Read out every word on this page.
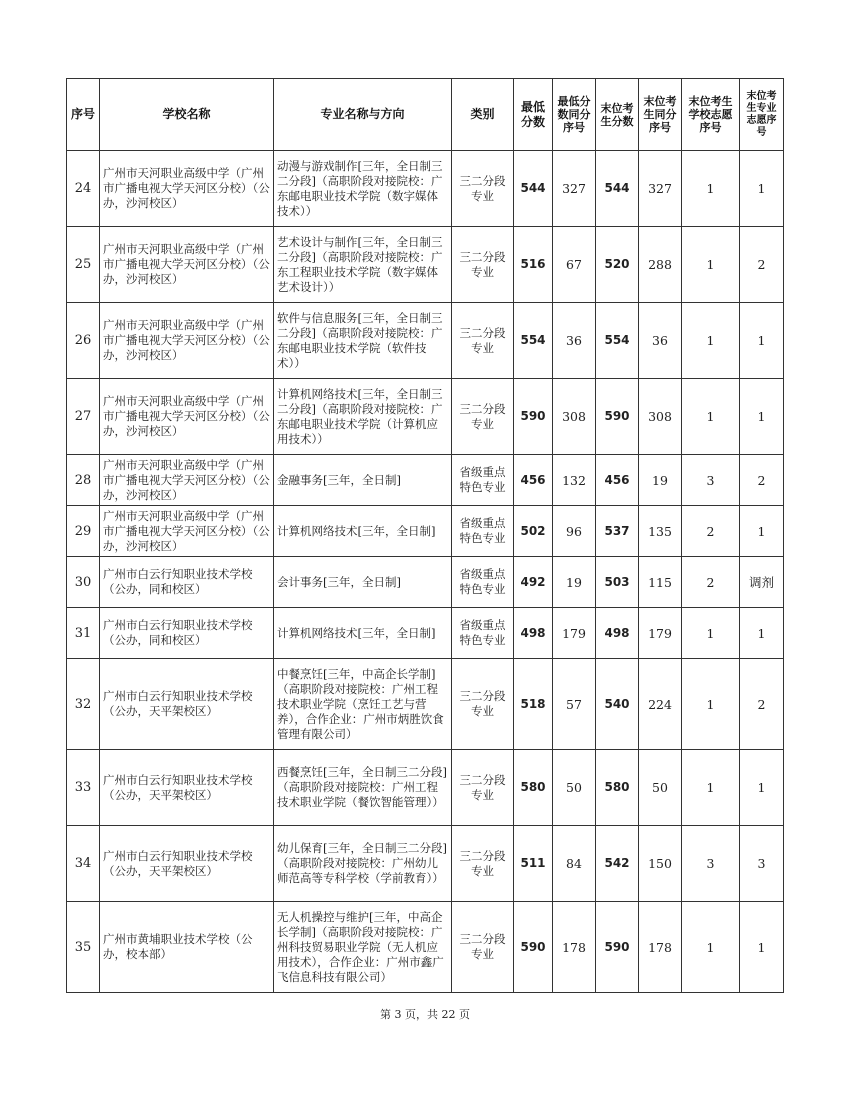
序号	学校名称	专业名称与方向	类别	最低分数	最低分数同分序号	末位考生分数	末位考生同分序号	末位考生学校志愿序号	末位考生专业志愿序号
24	广州市天河职业高级中学（广州市广播电视大学天河区分校）（公办，沙河校区）	动漫与游戏制作[三年，全日制三二分段]（高职阶段对接院校：广东邮电职业技术学院（数字媒体技术））	三二分段专业	544	327	544	327	1	1
25	广州市天河职业高级中学（广州市广播电视大学天河区分校）（公办，沙河校区）	艺术设计与制作[三年，全日制三二分段]（高职阶段对接院校：广东工程职业技术学院（数字媒体艺术设计））	三二分段专业	516	67	520	288	1	2
26	广州市天河职业高级中学（广州市广播电视大学天河区分校）（公办，沙河校区）	软件与信息服务[三年，全日制三二分段]（高职阶段对接院校：广东邮电职业技术学院（软件技术））	三二分段专业	554	36	554	36	1	1
27	广州市天河职业高级中学（广州市广播电视大学天河区分校）（公办，沙河校区）	计算机网络技术[三年，全日制三二分段]（高职阶段对接院校：广东邮电职业技术学院（计算机应用技术））	三二分段专业	590	308	590	308	1	1
28	广州市天河职业高级中学（广州市广播电视大学天河区分校）（公办，沙河校区）	金融事务[三年，全日制]	省级重点特色专业	456	132	456	19	3	2
29	广州市天河职业高级中学（广州市广播电视大学天河区分校）（公办，沙河校区）	计算机网络技术[三年，全日制]	省级重点特色专业	502	96	537	135	2	1
30	广州市白云行知职业技术学校（公办，同和校区）	会计事务[三年，全日制]	省级重点特色专业	492	19	503	115	2	调剂
31	广州市白云行知职业技术学校（公办，同和校区）	计算机网络技术[三年，全日制]	省级重点特色专业	498	179	498	179	1	1
32	广州市白云行知职业技术学校（公办，天平架校区）	中餐烹饪[三年，中高企长学制]（高职阶段对接院校：广州工程技术职业学院（烹饪工艺与营养），合作企业：广州市炳胜饮食管理有限公司）	三二分段专业	518	57	540	224	1	2
33	广州市白云行知职业技术学校（公办，天平架校区）	西餐烹饪[三年，全日制三二分段]（高职阶段对接院校：广州工程技术职业学院（餐饮智能管理））	三二分段专业	580	50	580	50	1	1
34	广州市白云行知职业技术学校（公办，天平架校区）	幼儿保育[三年，全日制三二分段]（高职阶段对接院校：广州幼儿师范高等专科学校（学前教育））	三二分段专业	511	84	542	150	3	3
35	广州市黄埔职业技术学校（公办，校本部）	无人机操控与维护[三年，中高企长学制]（高职阶段对接院校：广州科技贸易职业学院（无人机应用技术），合作企业：广州市鑫广飞信息科技有限公司）	三二分段专业	590	178	590	178	1	1
第 3 页，共 22 页
